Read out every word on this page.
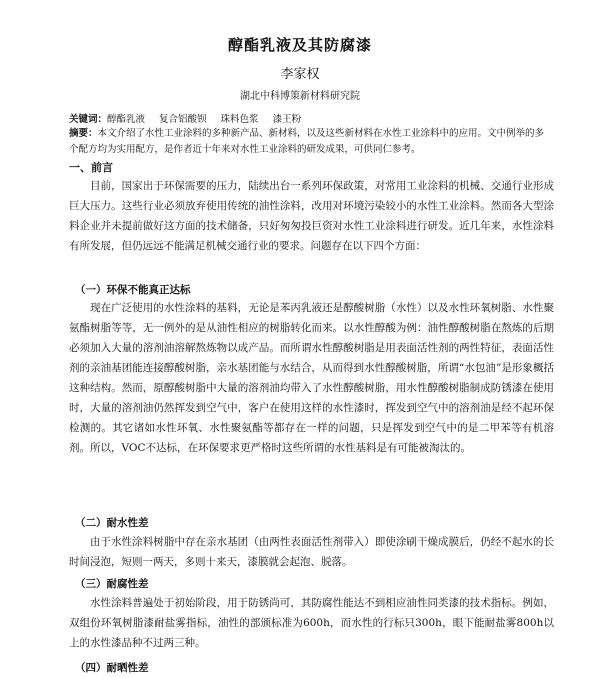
醇酯乳液及其防腐漆
李家权
湖北中科博策新材料研究院
关键词：醇酯乳液 复合铝酸钡 珠料色浆 漆王粉
摘要：本文介绍了水性工业涂料的多种新产品、新材料，以及这些新材料在水性工业涂料中的应用。文中例举的多个配方均为实用配方，是作者近十年来对水性工业涂料的研发成果，可供同仁参考。
一、前言
目前，国家出于环保需要的压力，陆续出台一系列环保政策，对常用工业涂料的机械、交通行业形成巨大压力。这些行业必须放弃使用传统的油性涂料，改用对环境污染较小的水性工业涂料。然而各大型涂料企业并未提前做好这方面的技术储备，只好匆匆投巨资对水性工业涂料进行研发。近几年来，水性涂料有所发展，但仍远远不能满足机械交通行业的要求。问题存在以下四个方面：
（一）环保不能真正达标
现在广泛使用的水性涂料的基料，无论是苯丙乳液还是醇酸树脂（水性）以及水性环氧树脂、水性聚氨酯树脂等等，无一例外的是从油性相应的树脂转化而来。以水性醇酸为例：油性醇酸树脂在熬炼的后期必须加入大量的溶剂油溶解熬炼物以成产品。而所谓水性醇酸树脂是用表面活性剂的两性特征，表面活性剂的亲油基团能连接醇酸树脂，亲水基团能与水结合，从而得到水性醇酸树脂，所谓“水包油”是形象概括这种结构。然而，原醇酸树脂中大量的溶剂油均带入了水性醇酸树脂，用水性醇酸树脂制成防锈漆在使用时，大量的溶剂油仍然挥发到空气中，客户在使用这样的水性漆时，挥发到空气中的溶剂油是经不起环保检测的。其它诸如水性环氧、水性聚氨酯等都存在一样的问题，只是挥发到空气中的是二甲苯等有机溶剂。所以，VOC不达标，在环保要求更严格时这些所谓的水性基料是有可能被淘汰的。
（二）耐水性差
由于水性涂料树脂中存在亲水基团（由两性表面活性剂带入）即使涂刷干燥成膜后，仍经不起水的长时间浸泡，短则一两天，多则十来天，漆膜就会起泡、脱落。
（三）耐腐性差
水性涂料普遍处于初始阶段，用于防锈尚可，其防腐性能达不到相应油性同类漆的技术指标。例如，双组份环氧树脂漆耐盐雾指标，油性的部颁标准为600h，而水性的行标只300h，眼下能耐盐雾800h以上的水性漆品种不过两三种。
（四）耐晒性差
